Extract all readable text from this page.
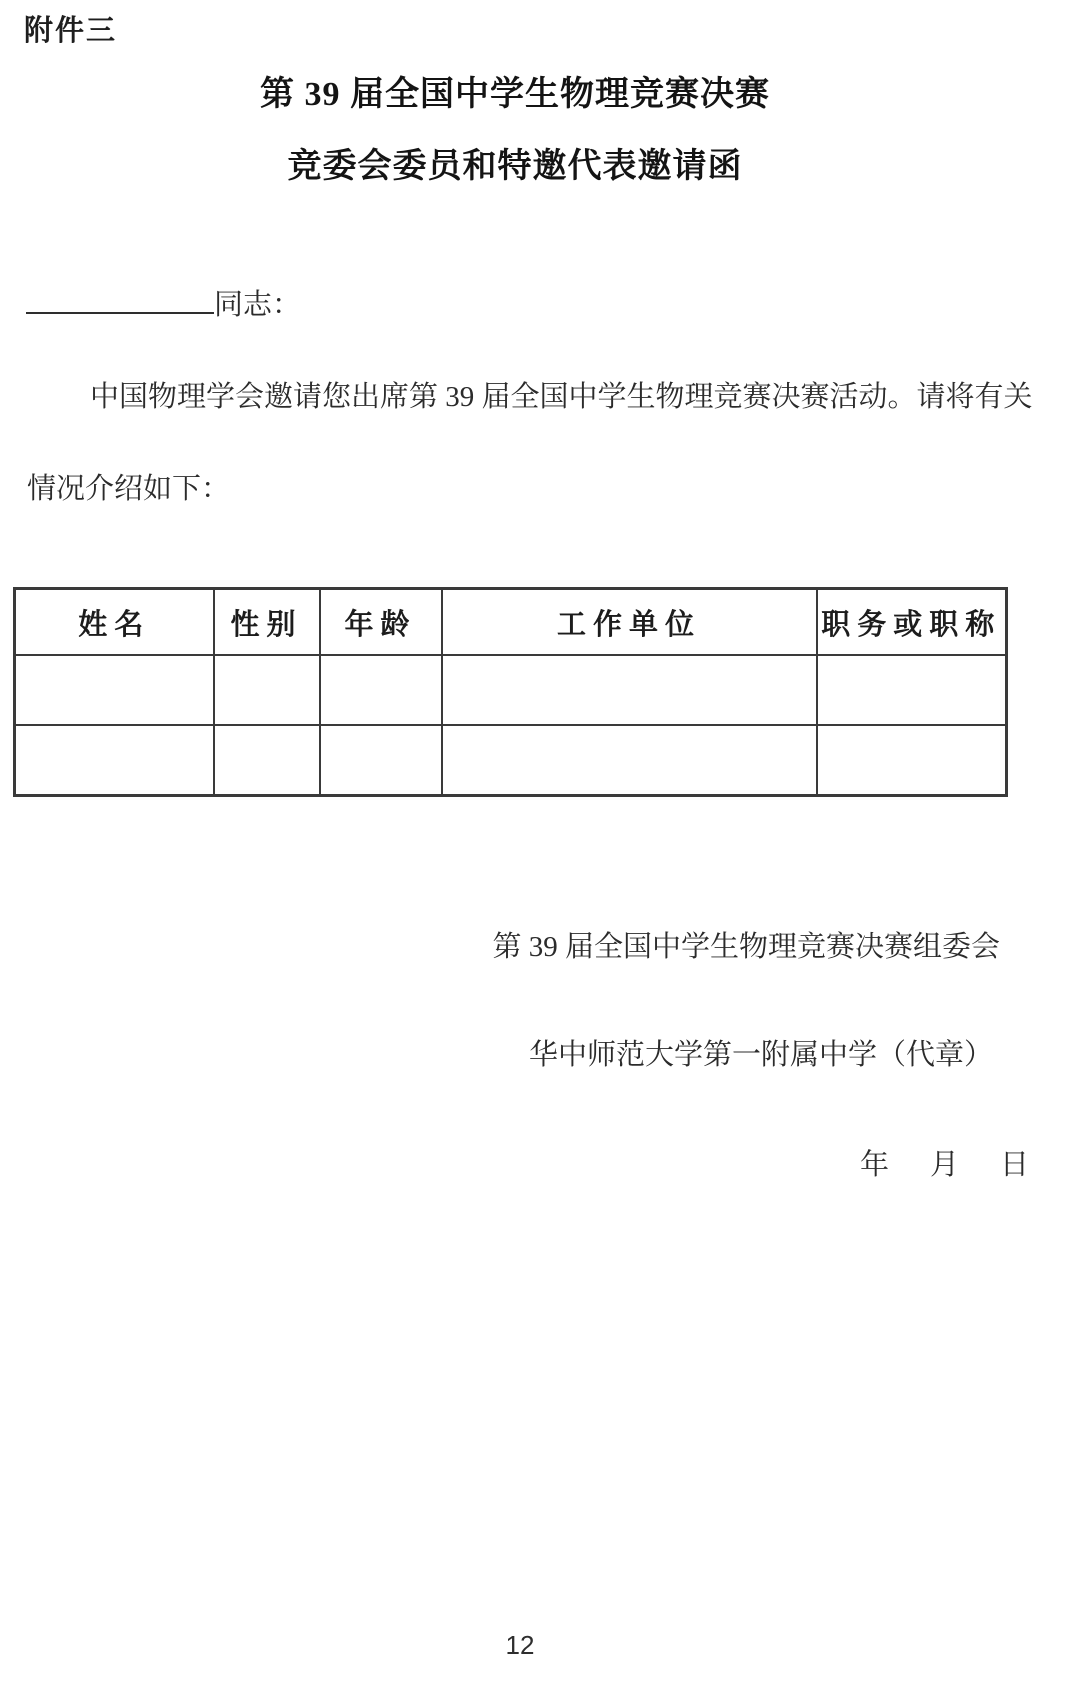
附件三
第 39 届全国中学生物理竞赛决赛
竞委会委员和特邀代表邀请函
同志：
中国物理学会邀请您出席第 39 届全国中学生物理竞赛决赛活动。请将有关
情况介绍如下：
姓名	性别	年龄	工作单位	职务或职称

第 39 届全国中学生物理竞赛决赛组委会
华中师范大学第一附属中学（代章）
年　月　日
12
